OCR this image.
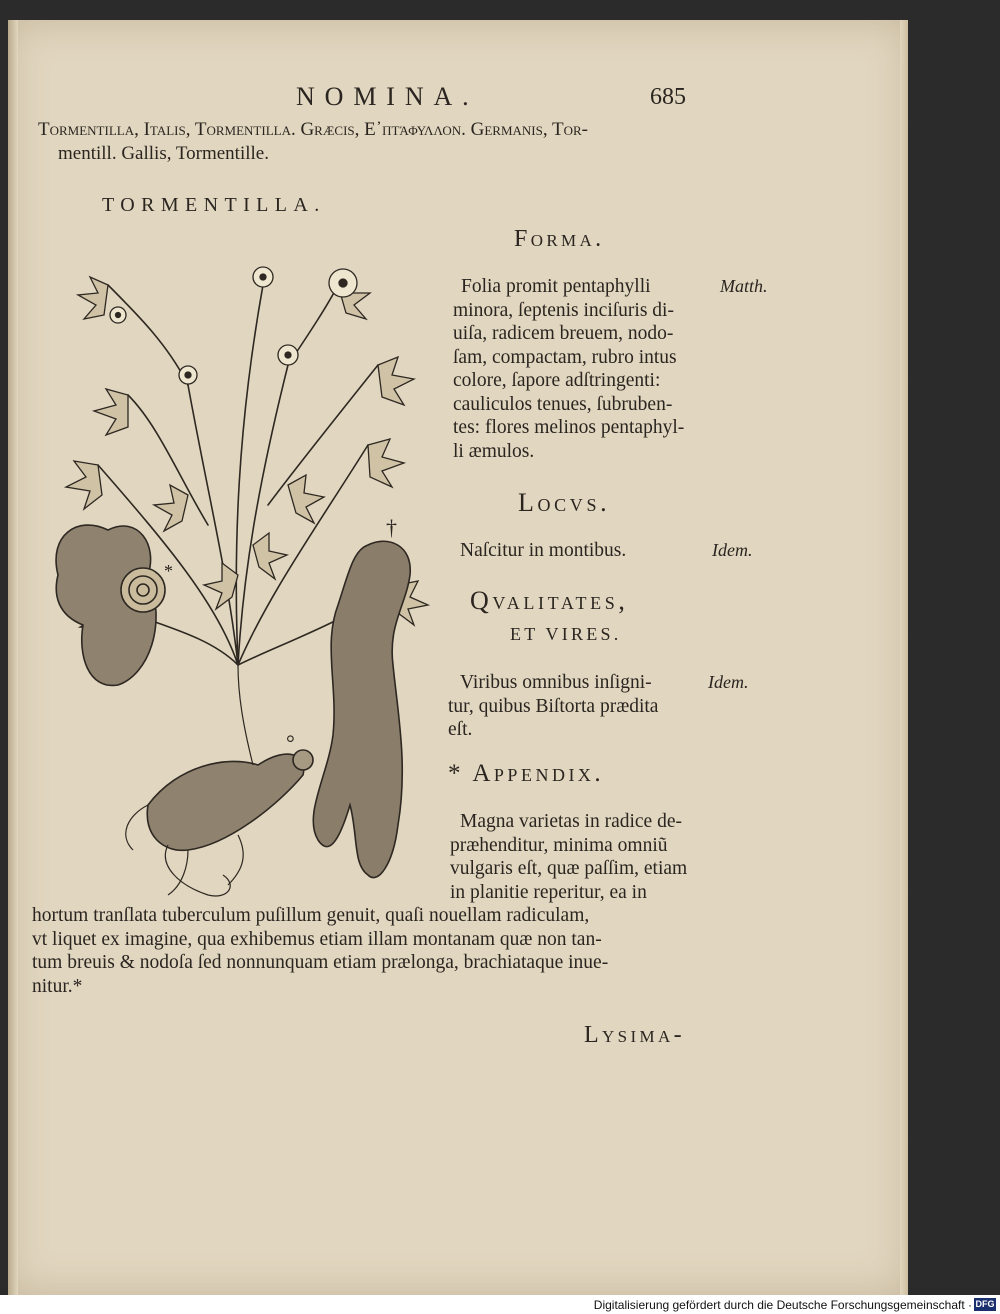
NOMINA.	685
Tormentilla, Italis, Tormentilla. Græcis, Ε᾽πτάφυλλον. Germanis, Tor-
mentill. Gallis, Tormentille.
TORMENTILLA.
*
†
°
Forma.
Matth.
Folia promit pentaphylli
minora, ſeptenis inciſuris di-
uiſa, radicem breuem, nodo-
ſam, compactam, rubro intus
colore, ſapore adſtringenti:
cauliculos tenues, ſubruben-
tes: flores melinos pentaphyl-
li æmulos.
Locvs.
Naſcitur in montibus.	Idem.
Qvalitates,
ET VIRES.
Idem.
Viribus omnibus inſigni-
tur, quibus Biſtorta prædita
eſt.
* Appendix.
Magna varietas in radice de-
præhenditur, minima omniũ
vulgaris eſt, quæ paſſim, etiam
in planitie reperitur, ea in
hortum tranſlata tuberculum puſillum genuit, quaſi nouellam radiculam,
vt liquet ex imagine, qua exhibemus etiam illam montanam quæ non tan-
tum breuis & nodoſa ſed nonnunquam etiam prælonga, brachiataque inue-
nitur.*
Lysima-
Digitalisierung gefördert durch die Deutsche Forschungsgemeinschaft · DFG
